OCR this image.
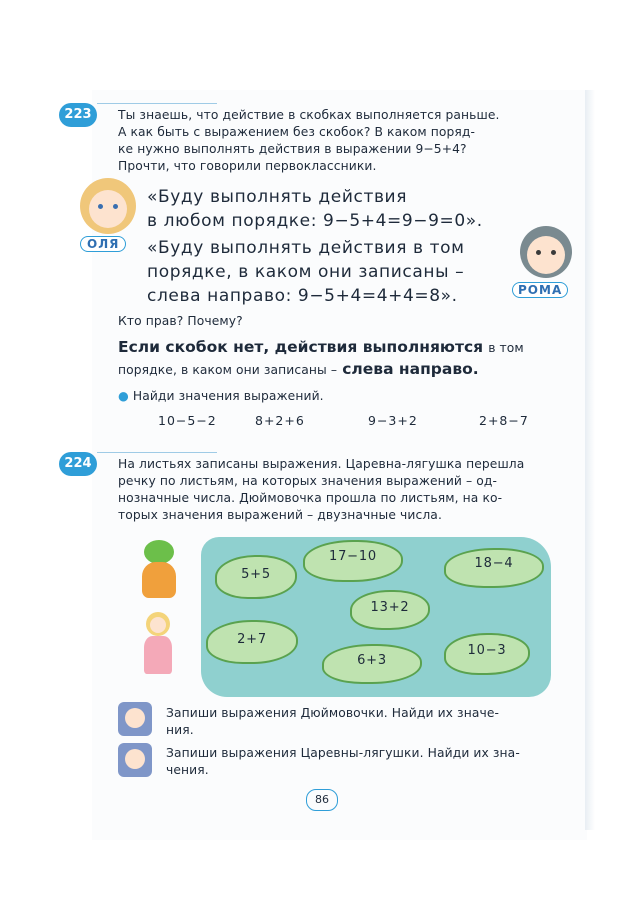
223	Ты знаешь, что действие в скобках выполняется раньше.
А как быть с выражением без скобок? В каком поряд-
ке нужно выполнять действия в выражении 9−5+4?
Прочти, что говорили первоклассники.
ОЛЯ
«Буду выполнять действия
в любом порядке: 9−5+4=9−9=0».
«Буду выполнять действия в том
порядке, в каком они записаны –
слева направо: 9−5+4=4+4=8».	РОМА
Кто прав? Почему?
Если скобок нет, действия выполняются в том
порядке, в каком они записаны – слева направо.
● Найди значения выражений.
10−5−2	8+2+6	9−3+2	2+8−7
224	На листьях записаны выражения. Царевна-лягушка перешла
речку по листьям, на которых значения выражений – од-
нозначные числа. Дюймовочка прошла по листьям, на ко-
торых значения выражений – двузначные числа.
5+5
17−10	18−4
13+2
2+7
6+3
10−3
Запиши выражения Дюймовочки. Найди их значе-
ния.
Запиши выражения Царевны-лягушки. Найди их зна-
чения.
86
